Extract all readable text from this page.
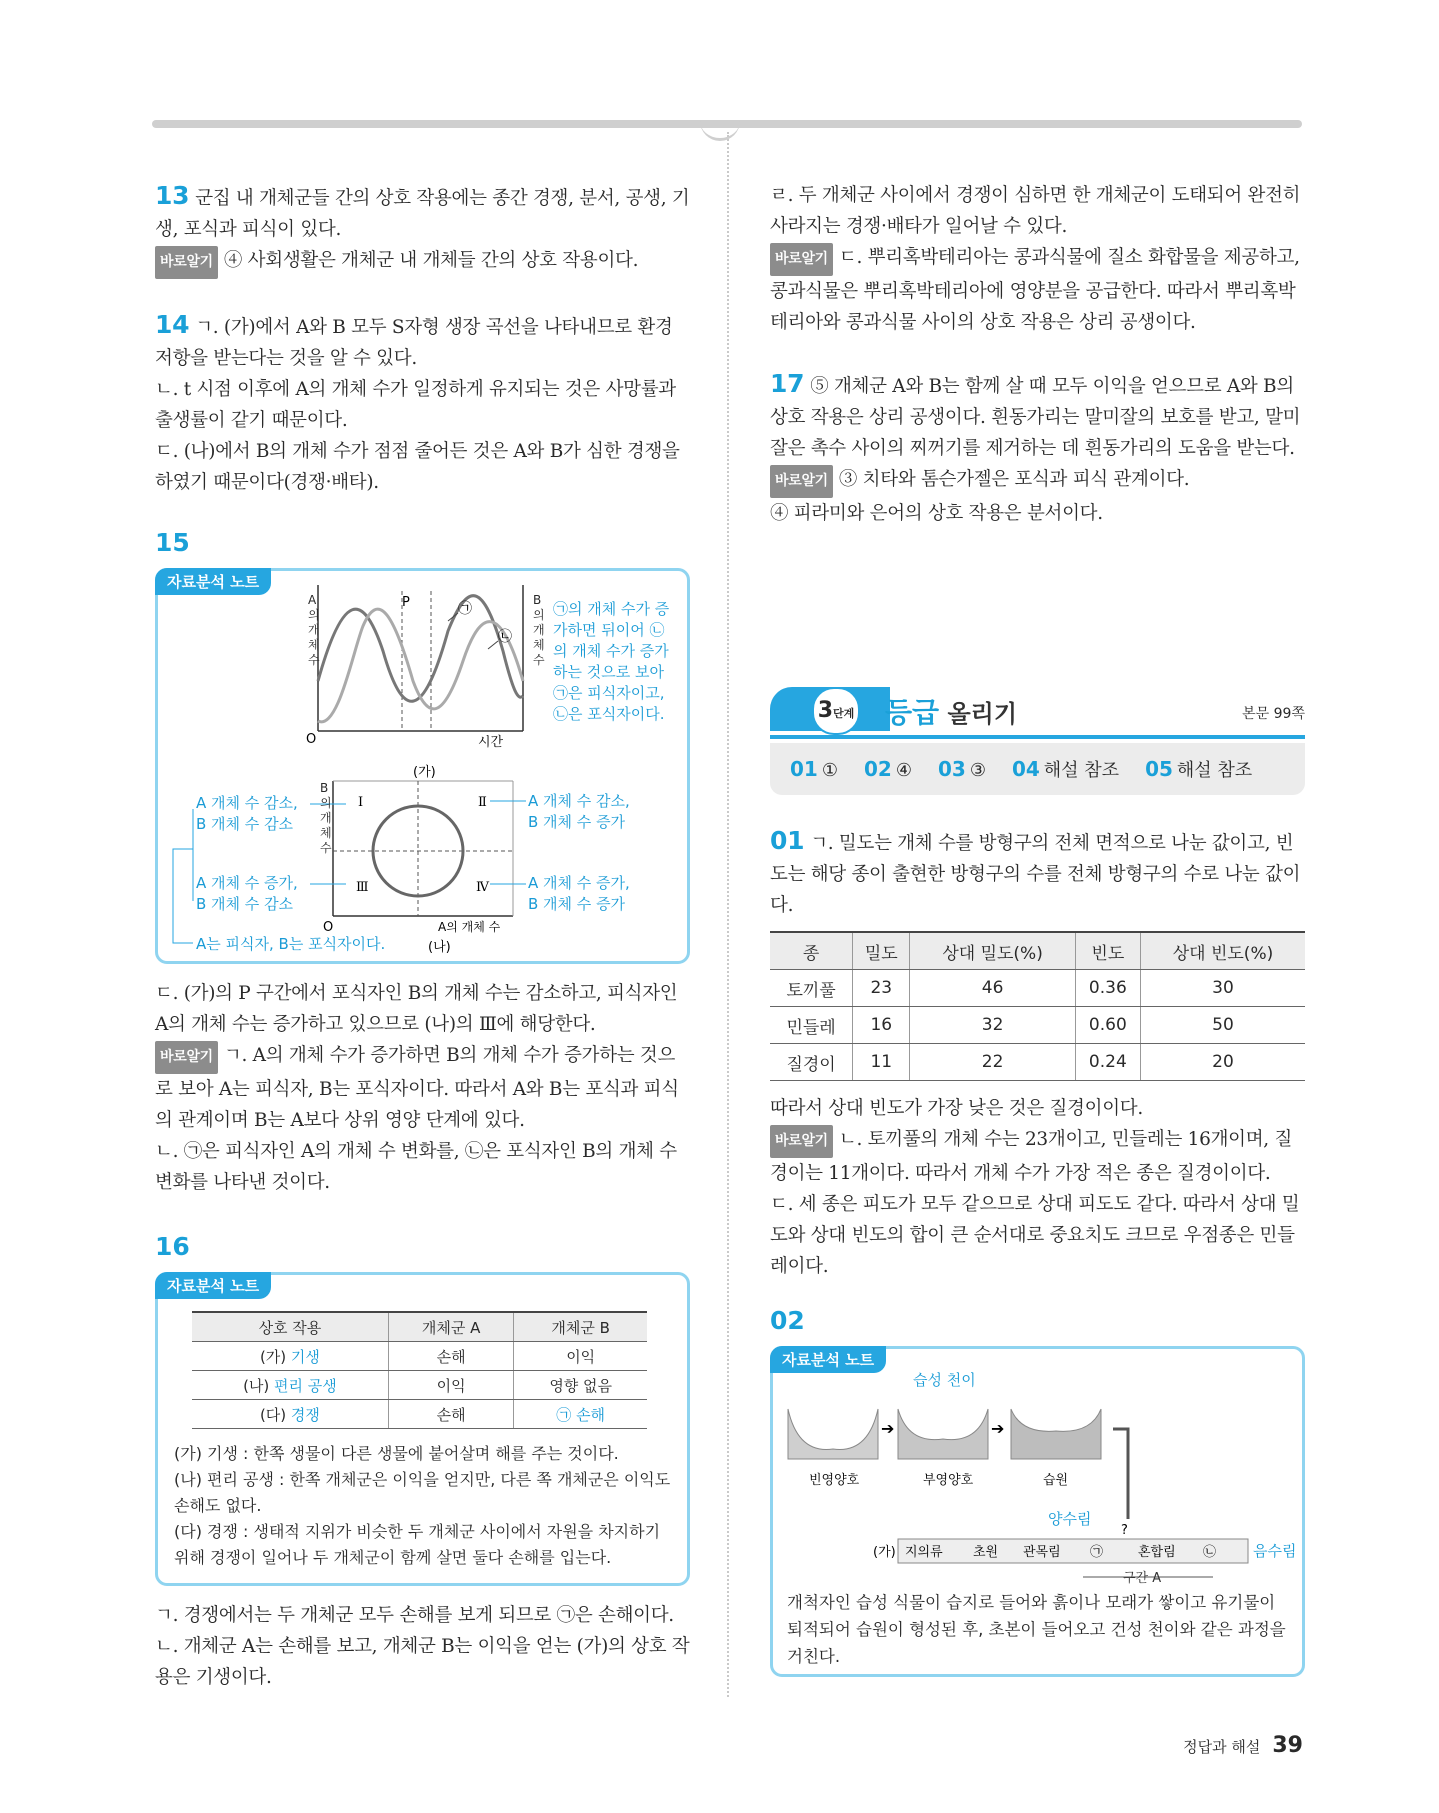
13 군집 내 개체군들 간의 상호 작용에는 종간 경쟁, 분서, 공생, 기생, 포식과 피식이 있다.

바로알기 ④ 사회생활은 개체군 내 개체들 간의 상호 작용이다.

14 ㄱ. (가)에서 A와 B 모두 S자형 생장 곡선을 나타내므로 환경 저항을 받는다는 것을 알 수 있다.

ㄴ. t 시점 이후에 A의 개체 수가 일정하게 유지되는 것은 사망률과 출생률이 같기 때문이다.

ㄷ. (나)에서 B의 개체 수가 점점 줄어든 것은 A와 B가 심한 경쟁을 하였기 때문이다(경쟁·배타).

15
자료분석 노트
P	㉠
㉡
O	시간
(가)
Ⅰ	Ⅱ
Ⅲ	Ⅳ
O	A의 개체 수
(나)
A의 개체 수
B의 개체 수
㉠의 개체 수가 증가하면 뒤이어 ㉡의 개체 수가 증가하는 것으로 보아 ㉠은 피식자이고, ㉡은 포식자이다.
B의 개체 수
A 개체 수 감소,
B 개체 수 감소
A 개체 수 증가,
B 개체 수 감소
A 개체 수 감소,
B 개체 수 증가
A 개체 수 증가,
B 개체 수 증가
A는 피식자, B는 포식자이다.

ㄷ. (가)의 P 구간에서 포식자인 B의 개체 수는 감소하고, 피식자인 A의 개체 수는 증가하고 있으므로 (나)의 Ⅲ에 해당한다.

바로알기 ㄱ. A의 개체 수가 증가하면 B의 개체 수가 증가하는 것으로 보아 A는 피식자, B는 포식자이다. 따라서 A와 B는 포식과 피식의 관계이며 B는 A보다 상위 영양 단계에 있다.

ㄴ. ㉠은 피식자인 A의 개체 수 변화를, ㉡은 포식자인 B의 개체 수 변화를 나타낸 것이다.

16
자료분석 노트
상호 작용	개체군 A	개체군 B
(가) 기생	손해	이익
(나) 편리 공생	이익	영향 없음
(다) 경쟁	손해	㉠ 손해
(가) 기생 : 한쪽 생물이 다른 생물에 붙어살며 해를 주는 것이다.
(나) 편리 공생 : 한쪽 개체군은 이익을 얻지만, 다른 쪽 개체군은 이익도 손해도 없다.
(다) 경쟁 : 생태적 지위가 비슷한 두 개체군 사이에서 자원을 차지하기 위해 경쟁이 일어나 두 개체군이 함께 살면 둘다 손해를 입는다.

ㄱ. 경쟁에서는 두 개체군 모두 손해를 보게 되므로 ㉠은 손해이다.

ㄴ. 개체군 A는 손해를 보고, 개체군 B는 이익을 얻는 (가)의 상호 작용은 기생이다.

ㄹ. 두 개체군 사이에서 경쟁이 심하면 한 개체군이 도태되어 완전히 사라지는 경쟁·배타가 일어날 수 있다.

바로알기 ㄷ. 뿌리혹박테리아는 콩과식물에 질소 화합물을 제공하고, 콩과식물은 뿌리혹박테리아에 영양분을 공급한다. 따라서 뿌리혹박테리아와 콩과식물 사이의 상호 작용은 상리 공생이다.

17 ⑤ 개체군 A와 B는 함께 살 때 모두 이익을 얻으므로 A와 B의 상호 작용은 상리 공생이다. 흰동가리는 말미잘의 보호를 받고, 말미잘은 촉수 사이의 찌꺼기를 제거하는 데 흰동가리의 도움을 받는다.

바로알기 ③ 치타와 톰슨가젤은 포식과 피식 관계이다.

④ 피라미와 은어의 상호 작용은 분서이다.

3단계 등급 올리기	본문 99쪽
01 ① 02 ④ 03 ③ 04 해설 참조 05 해설 참조

01 ㄱ. 밀도는 개체 수를 방형구의 전체 면적으로 나눈 값이고, 빈도는 해당 종이 출현한 방형구의 수를 전체 방형구의 수로 나눈 값이다.

종	밀도	상대 밀도(%)	빈도	상대 빈도(%)
토끼풀	23	46	0.36	30
민들레	16	32	0.60	50
질경이	11	22	0.24	20

따라서 상대 빈도가 가장 낮은 것은 질경이이다.

바로알기 ㄴ. 토끼풀의 개체 수는 23개이고, 민들레는 16개이며, 질경이는 11개이다. 따라서 개체 수가 가장 적은 종은 질경이이다.

ㄷ. 세 종은 피도가 모두 같으므로 상대 피도도 같다. 따라서 상대 밀도와 상대 빈도의 합이 큰 순서대로 중요치도 크므로 우점종은 민들레이다.

02
자료분석 노트
습성 천이
➔	➔
빈영양호	부영양호	습원
양수림
?
(가) 지의류 초원 관목림 ㉠	혼합림 ㉡ 음수림
구간 A
개척자인 습성 식물이 습지로 들어와 흙이나 모래가 쌓이고 유기물이 퇴적되어 습원이 형성된 후, 초본이 들어오고 건성 천이와 같은 과정을 거친다.
정답과 해설 39
